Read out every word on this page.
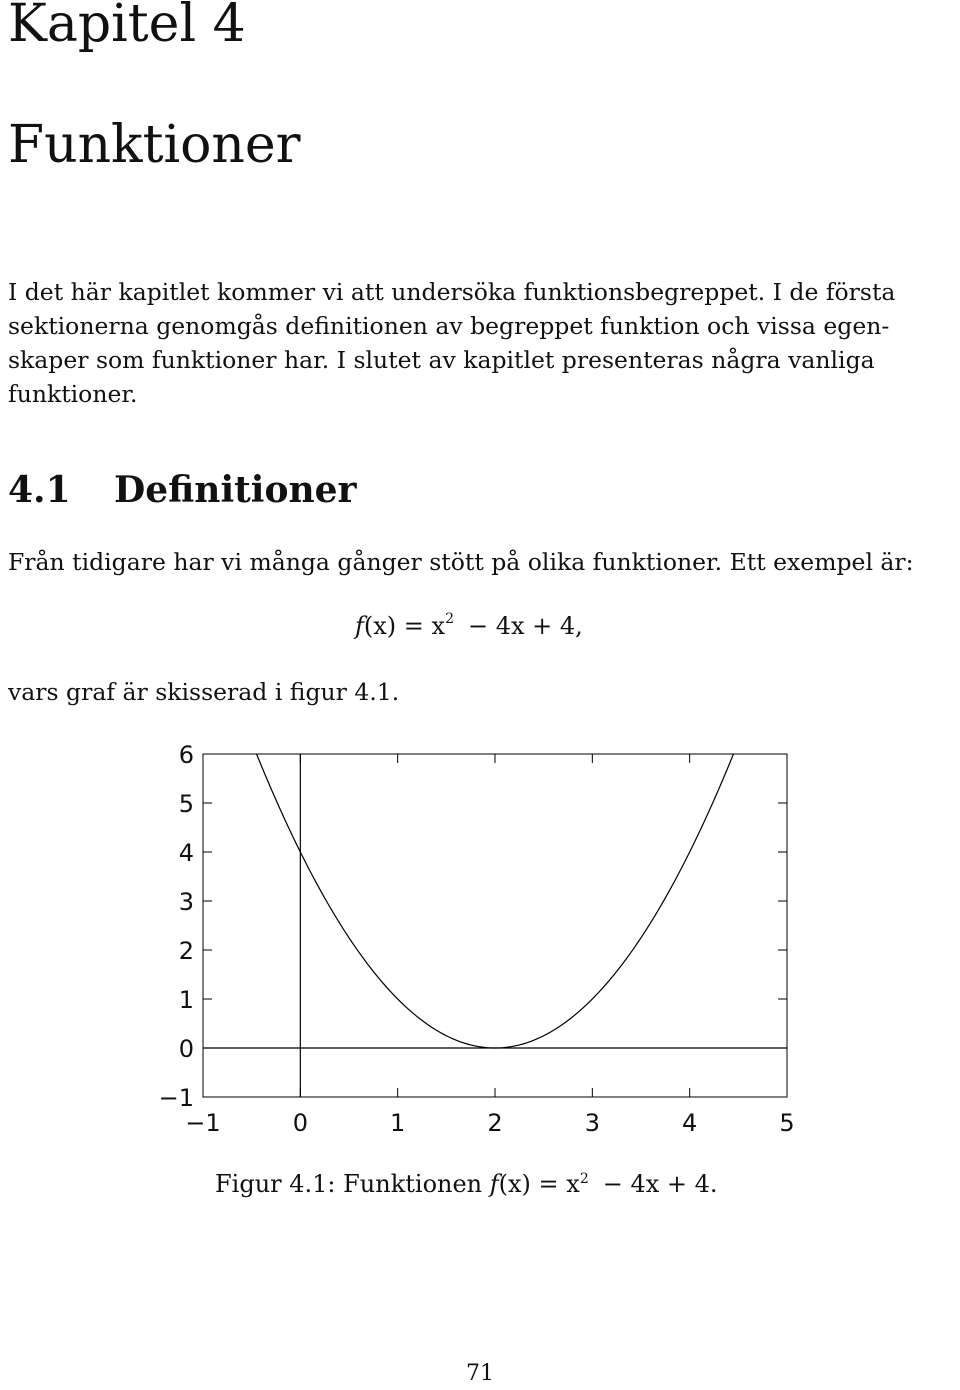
Kapitel 4
Funktioner
I det här kapitlet kommer vi att undersöka funktionsbegreppet. I de första
sektionerna genomgås definitionen av begreppet funktion och vissa egen-
skaper som funktioner har. I slutet av kapitlet presenteras några vanliga
funktioner.
4.1 Definitioner
Från tidigare har vi många gånger stött på olika funktioner. Ett exempel är:
$f(x) = x^2 - 4x + 4$,
vars graf är skisserad i figur 4.1.
6
5
4
3
2
1
0
−1
−1	0	1	2	3	4	5
Figur 4.1: Funktionen $f(x) = x^2 - 4x + 4$.
71
